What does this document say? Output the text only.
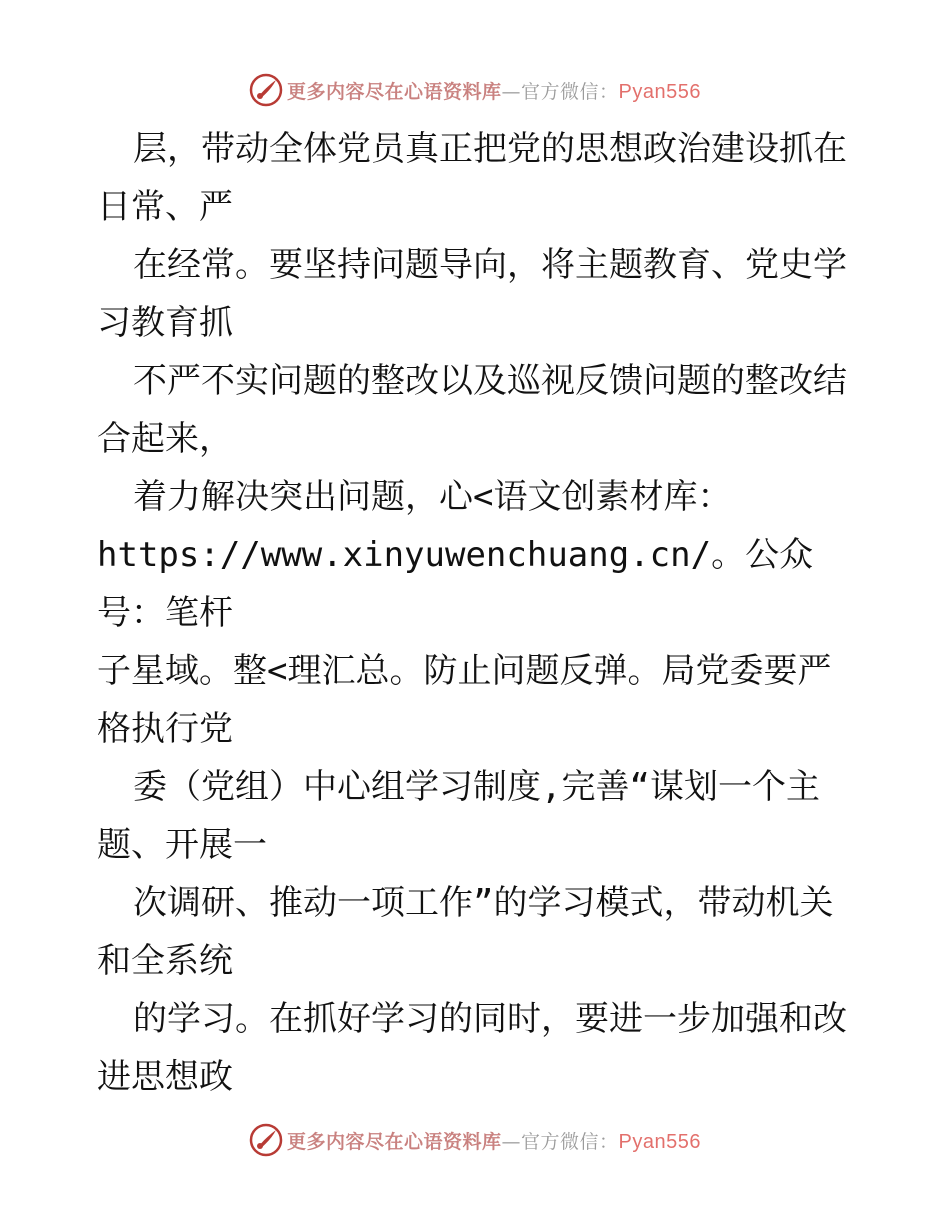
更多内容尽在心语资料库—官方微信：Pyan556

层，带动全体党员真正把党的思想政治建设抓在
日常、严

在经常。要坚持问题导向，将主题教育、党史学
习教育抓

不严不实问题的整改以及巡视反馈问题的整改结
合起来，

着力解决突出问题，心<语文创素材库：

https://www.xinyuwenchuang.cn/。公众号：笔杆
子星域。整<理汇总。防止问题反弹。局党委要严
格执行党

委（党组）中心组学习制度,完善“谋划一个主
题、开展一

次调研、推动一项工作”的学习模式，带动机关
和全系统

的学习。在抓好学习的同时，要进一步加强和改
进思想政

更多内容尽在心语资料库—官方微信：Pyan556
